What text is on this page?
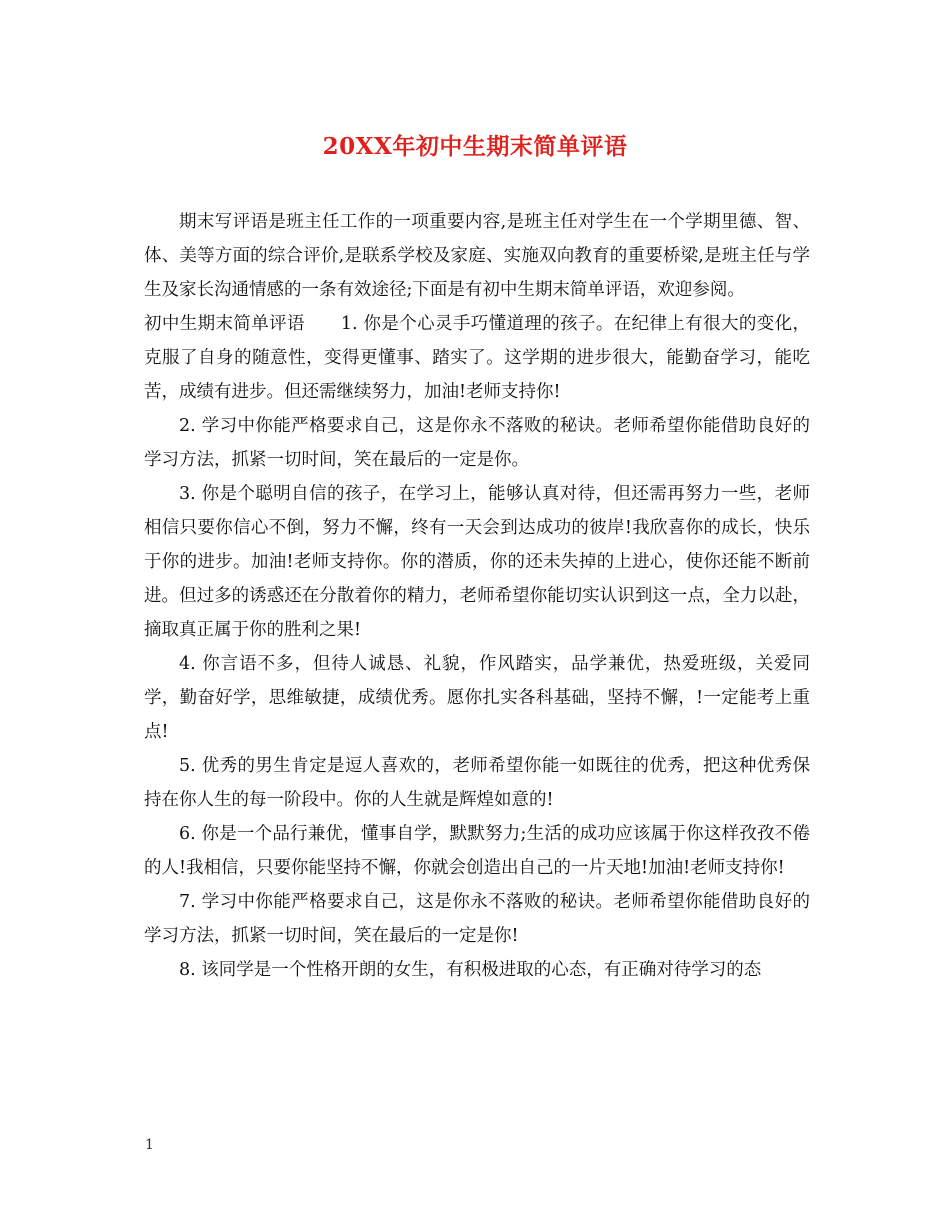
20XX年初中生期末简单评语

期末写评语是班主任工作的一项重要内容,是班主任对学生在一个学期里德、智、体、美等方面的综合评价,是联系学校及家庭、实施双向教育的重要桥梁,是班主任与学生及家长沟通情感的一条有效途径;下面是有初中生期末简单评语，欢迎参阅。

初中生期末简单评语 1. 你是个心灵手巧懂道理的孩子。在纪律上有很大的变化，克服了自身的随意性，变得更懂事、踏实了。这学期的进步很大，能勤奋学习，能吃苦，成绩有进步。但还需继续努力，加油!老师支持你!

2. 学习中你能严格要求自己，这是你永不落败的秘诀。老师希望你能借助良好的学习方法，抓紧一切时间，笑在最后的一定是你。

3. 你是个聪明自信的孩子，在学习上，能够认真对待，但还需再努力一些，老师相信只要你信心不倒，努力不懈，终有一天会到达成功的彼岸!我欣喜你的成长，快乐于你的进步。加油!老师支持你。你的潜质，你的还未失掉的上进心，使你还能不断前进。但过多的诱惑还在分散着你的精力，老师希望你能切实认识到这一点，全力以赴，摘取真正属于你的胜利之果!

4. 你言语不多，但待人诚恳、礼貌，作风踏实，品学兼优，热爱班级，关爱同学，勤奋好学，思维敏捷，成绩优秀。愿你扎实各科基础，坚持不懈，!一定能考上重点!

5. 优秀的男生肯定是逗人喜欢的，老师希望你能一如既往的优秀，把这种优秀保持在你人生的每一阶段中。你的人生就是辉煌如意的!

6. 你是一个品行兼优，懂事自学，默默努力;生活的成功应该属于你这样孜孜不倦的人!我相信，只要你能坚持不懈，你就会创造出自己的一片天地!加油!老师支持你!

7. 学习中你能严格要求自己，这是你永不落败的秘诀。老师希望你能借助良好的学习方法，抓紧一切时间，笑在最后的一定是你!

8. 该同学是一个性格开朗的女生，有积极进取的心态，有正确对待学习的态

1
